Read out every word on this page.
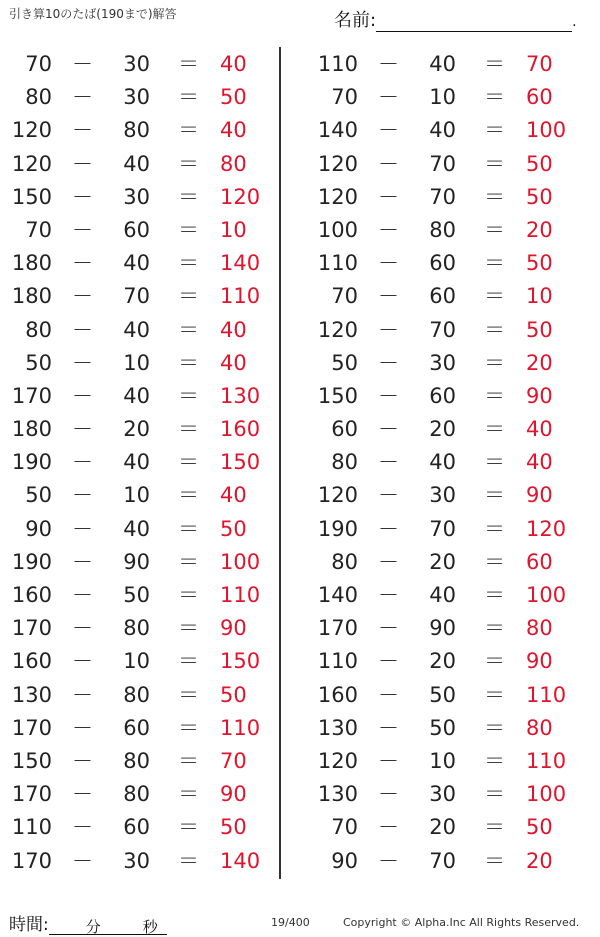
引き算10のたば(190まで)解答	名前:	.
70 －	30 ＝ 40
80 －	30 ＝ 50
120 －	80 ＝ 40
120 －	40 ＝ 80
150 －	30 ＝ 120
70 －	60 ＝ 10
180 －	40 ＝ 140
180 －	70 ＝ 110
80 －	40 ＝ 40
50 －	10 ＝ 40
170 －	40 ＝ 130
180 －	20 ＝ 160
190 －	40 ＝ 150
50 －	10 ＝ 40
90 －	40 ＝ 50
190 －	90 ＝ 100
160 －	50 ＝ 110
170 －	80 ＝ 90
160 －	10 ＝ 150
130 －	80 ＝ 50
170 －	60 ＝ 110
150 －	80 ＝ 70
170 －	80 ＝ 90
110 －	60 ＝ 50
170 －	30 ＝ 140
110 －	40 ＝ 70
70 －	10 ＝ 60
140 －	40 ＝ 100
120 －	70 ＝ 50
120 －	70 ＝ 50
100 －	80 ＝ 20
110 －	60 ＝ 50
70 －	60 ＝ 10
120 －	70 ＝ 50
50 －	30 ＝ 20
150 －	60 ＝ 90
60 －	20 ＝ 40
80 －	40 ＝ 40
120 －	30 ＝ 90
190 －	70 ＝ 120
80 －	20 ＝ 60
140 －	40 ＝ 100
170 －	90 ＝ 80
110 －	20 ＝ 90
160 －	50 ＝ 110
130 －	50 ＝ 80
120 －	10 ＝ 110
130 －	30 ＝ 100
70 －	20 ＝ 50
90 －	70 ＝ 20
時間: 分	秒	19/400	Copyright © Alpha.Inc All Rights Reserved.
